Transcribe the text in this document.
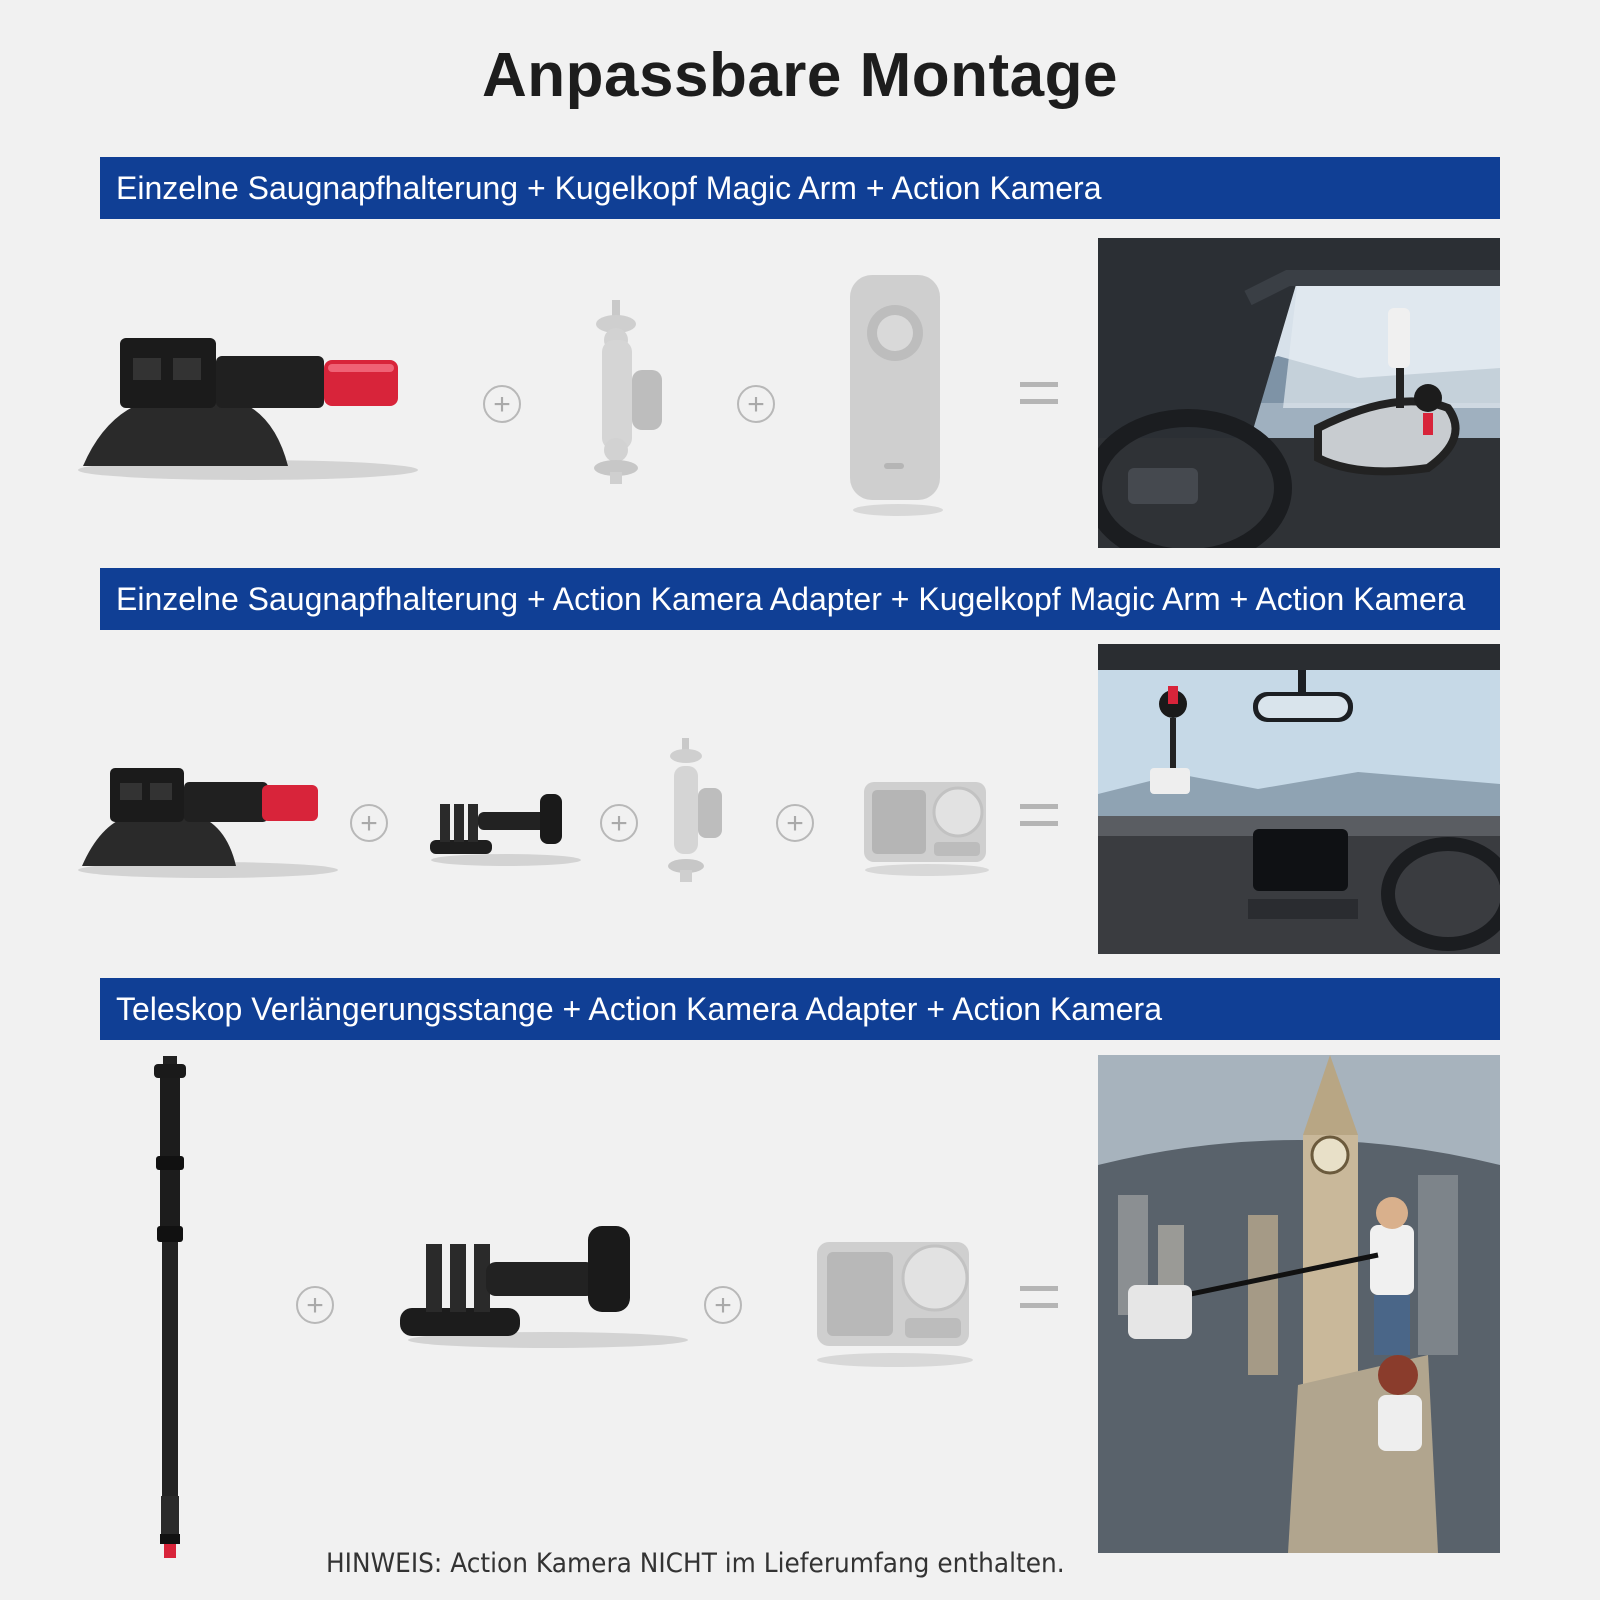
Anpassbare Montage
Einzelne Saugnapfhalterung + Kugelkopf Magic Arm + Action Kamera
+	+
Einzelne Saugnapfhalterung + Action Kamera Adapter + Kugelkopf Magic Arm + Action Kamera
+	+	+
Teleskop Verlängerungsstange + Action Kamera Adapter + Action Kamera
+	+
HINWEIS: Action Kamera NICHT im Lieferumfang enthalten.
